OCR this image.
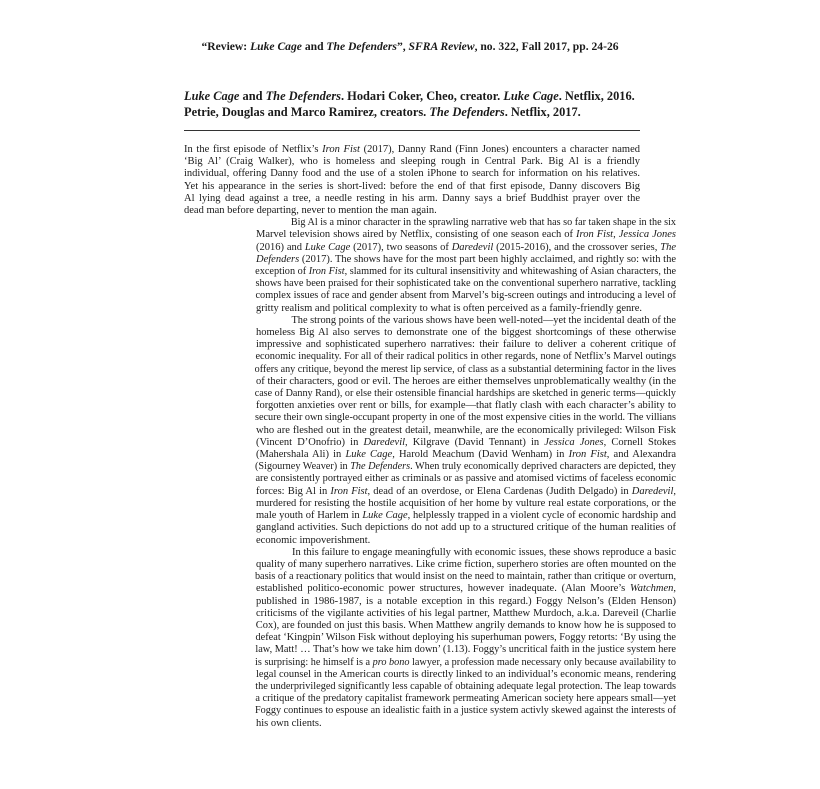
“Review: Luke Cage and The Defenders”, SFRA Review, no. 322, Fall 2017, pp. 24-26
Luke Cage and The Defenders. Hodari Coker, Cheo, creator. Luke Cage. Netflix, 2016.
Petrie, Douglas and Marco Ramirez, creators. The Defenders. Netflix, 2017.
In the first episode of Netflix’s Iron Fist (2017), Danny Rand (Finn Jones) encounters a character named
‘Big Al’ (Craig Walker), who is homeless and sleeping rough in Central Park. Big Al is a friendly
individual, offering Danny food and the use of a stolen iPhone to search for information on his relatives.
Yet his appearance in the series is short-lived: before the end of that first episode, Danny discovers Big
Al lying dead against a tree, a needle resting in his arm. Danny says a brief Buddhist prayer over the
dead man before departing, never to mention the man again.
Big Al is a minor character in the sprawling narrative web that has so far taken shape in the six
Marvel television shows aired by Netflix, consisting of one season each of Iron Fist, Jessica Jones
(2016) and Luke Cage (2017), two seasons of Daredevil (2015-2016), and the crossover series, The
Defenders (2017). The shows have for the most part been highly acclaimed, and rightly so: with the
exception of Iron Fist, slammed for its cultural insensitivity and whitewashing of Asian characters, the
shows have been praised for their sophisticated take on the conventional superhero narrative, tackling
complex issues of race and gender absent from Marvel’s big-screen outings and introducing a level of
gritty realism and political complexity to what is often perceived as a family-friendly genre.
The strong points of the various shows have been well-noted—yet the incidental death of the
homeless Big Al also serves to demonstrate one of the biggest shortcomings of these otherwise
impressive and sophisticated superhero narratives: their failure to deliver a coherent critique of
economic inequality. For all of their radical politics in other regards, none of Netflix’s Marvel outings
offers any critique, beyond the merest lip service, of class as a substantial determining factor in the lives
of their characters, good or evil. The heroes are either themselves unproblematically wealthy (in the
case of Danny Rand), or else their ostensible financial hardships are sketched in generic terms—quickly
forgotten anxieties over rent or bills, for example—that flatly clash with each character’s ability to
secure their own single-occupant property in one of the most expensive cities in the world. The villians
who are fleshed out in the greatest detail, meanwhile, are the economically privileged: Wilson Fisk
(Vincent D’Onofrio) in Daredevil, Kilgrave (David Tennant) in Jessica Jones, Cornell Stokes
(Mahershala Ali) in Luke Cage, Harold Meachum (David Wenham) in Iron Fist, and Alexandra
(Sigourney Weaver) in The Defenders. When truly economically deprived characters are depicted, they
are consistently portrayed either as criminals or as passive and atomised victims of faceless economic
forces: Big Al in Iron Fist, dead of an overdose, or Elena Cardenas (Judith Delgado) in Daredevil,
murdered for resisting the hostile acquisition of her home by vulture real estate corporations, or the
male youth of Harlem in Luke Cage, helplessly trapped in a violent cycle of economic hardship and
gangland activities. Such depictions do not add up to a structured critique of the human realities of
economic impoverishment.
In this failure to engage meaningfully with economic issues, these shows reproduce a basic
quality of many superhero narratives. Like crime fiction, superhero stories are often mounted on the
basis of a reactionary politics that would insist on the need to maintain, rather than critique or overturn,
established politico-economic power structures, however inadequate. (Alan Moore’s Watchmen,
published in 1986-1987, is a notable exception in this regard.) Foggy Nelson’s (Elden Henson)
criticisms of the vigilante activities of his legal partner, Matthew Murdoch, a.k.a. Dareveil (Charlie
Cox), are founded on just this basis. When Matthew angrily demands to know how he is supposed to
defeat ‘Kingpin’ Wilson Fisk without deploying his superhuman powers, Foggy retorts: ‘By using the
law, Matt! … That’s how we take him down’ (1.13). Foggy’s uncritical faith in the justice system here
is surprising: he himself is a pro bono lawyer, a profession made necessary only because availability to
legal counsel in the American courts is directly linked to an individual’s economic means, rendering
the underprivileged significantly less capable of obtaining adequate legal protection. The leap towards
a critique of the predatory capitalist framework permeating American society here appears small—yet
Foggy continues to espouse an idealistic faith in a justice system activly skewed against the interests of
his own clients.
